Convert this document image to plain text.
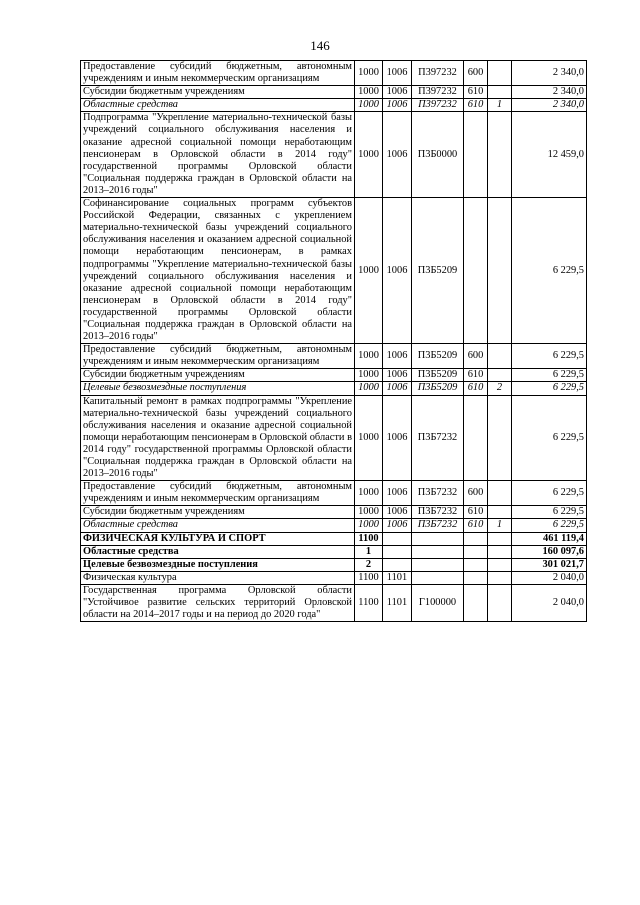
146
Предоставление субсидий бюджетным, автономным учреждениям и иным некоммерческим организациям	1000	1006	П397232	600		2 340,0
Субсидии бюджетным учреждениям	1000	1006	П397232	610		2 340,0
Областные средства	1000	1006	П397232	610	1	2 340,0
Подпрограмма "Укрепление материально-технической базы учреждений социального обслуживания населения и оказание адресной социальной помощи неработающим пенсионерам в Орловской области в 2014 году" государственной программы Орловской области "Социальная поддержка граждан в Орловской области на 2013–2016 годы"	1000	1006	П3Б0000			12 459,0
Софинансирование социальных программ субъектов Российской Федерации, связанных с укреплением материально-технической базы учреждений социального обслуживания населения и оказанием адресной социальной помощи неработающим пенсионерам, в рамках подпрограммы "Укрепление материально-технической базы учреждений социального обслуживания населения и оказание адресной социальной помощи неработающим пенсионерам в Орловской области в 2014 году" государственной программы Орловской области "Социальная поддержка граждан в Орловской области на 2013–2016 годы"	1000	1006	П3Б5209			6 229,5
Предоставление субсидий бюджетным, автономным учреждениям и иным некоммерческим организациям	1000	1006	П3Б5209	600		6 229,5
Субсидии бюджетным учреждениям	1000	1006	П3Б5209	610		6 229,5
Целевые безвозмездные поступления	1000	1006	П3Б5209	610	2	6 229,5
Капитальный ремонт в рамках подпрограммы "Укрепление материально-технической базы учреждений социального обслуживания населения и оказание адресной социальной помощи неработающим пенсионерам в Орловской области в 2014 году" государственной программы Орловской области "Социальная поддержка граждан в Орловской области на 2013–2016 годы"	1000	1006	П3Б7232			6 229,5
Предоставление субсидий бюджетным, автономным учреждениям и иным некоммерческим организациям	1000	1006	П3Б7232	600		6 229,5
Субсидии бюджетным учреждениям	1000	1006	П3Б7232	610		6 229,5
Областные средства	1000	1006	П3Б7232	610	1	6 229,5
ФИЗИЧЕСКАЯ КУЛЬТУРА И СПОРТ	1100					461 119,4
Областные средства	1					160 097,6
Целевые безвозмездные поступления	2					301 021,7
Физическая культура	1100	1101				2 040,0
Государственная программа Орловской области "Устойчивое развитие сельских территорий Орловской области на 2014–2017 годы и на период до 2020 года"	1100	1101	Г100000			2 040,0
